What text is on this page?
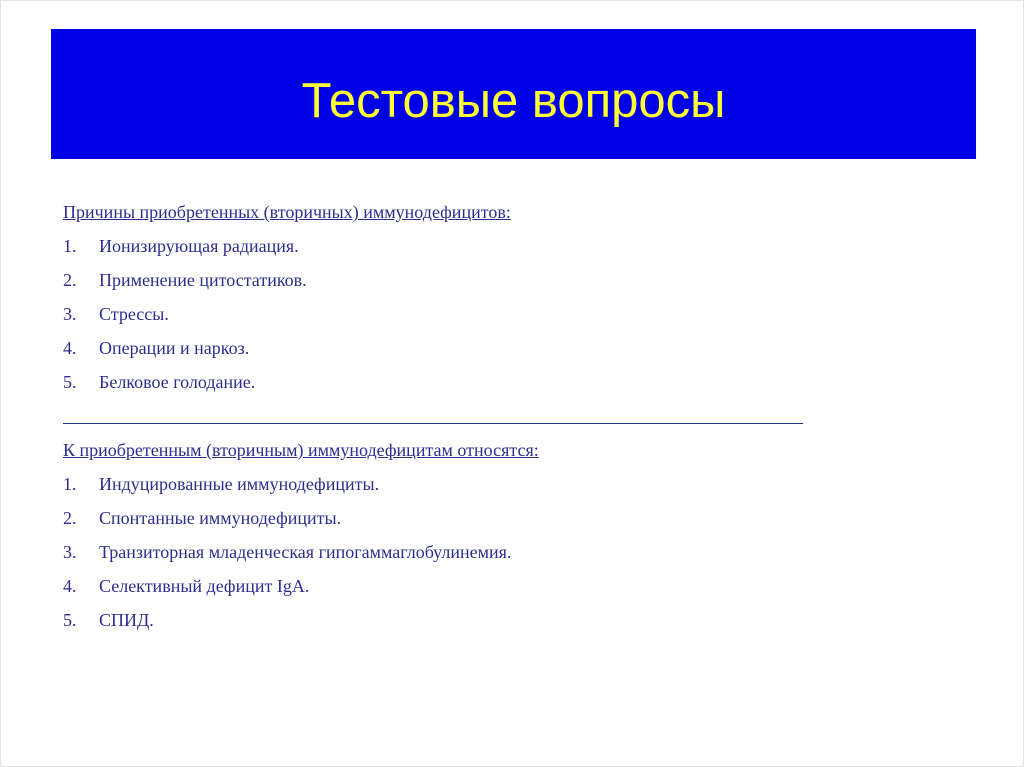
Тестовые вопросы
Причины приобретенных (вторичных) иммунодефицитов:
1. Ионизирующая радиация.
2. Применение цитостатиков.
3. Стрессы.
4. Операции и наркоз.
5. Белковое голодание.
К приобретенным (вторичным) иммунодефицитам относятся:
1. Индуцированные иммунодефициты.
2. Спонтанные иммунодефициты.
3. Транзиторная младенческая гипогаммаглобулинемия.
4. Селективный дефицит IgA.
5. СПИД.
